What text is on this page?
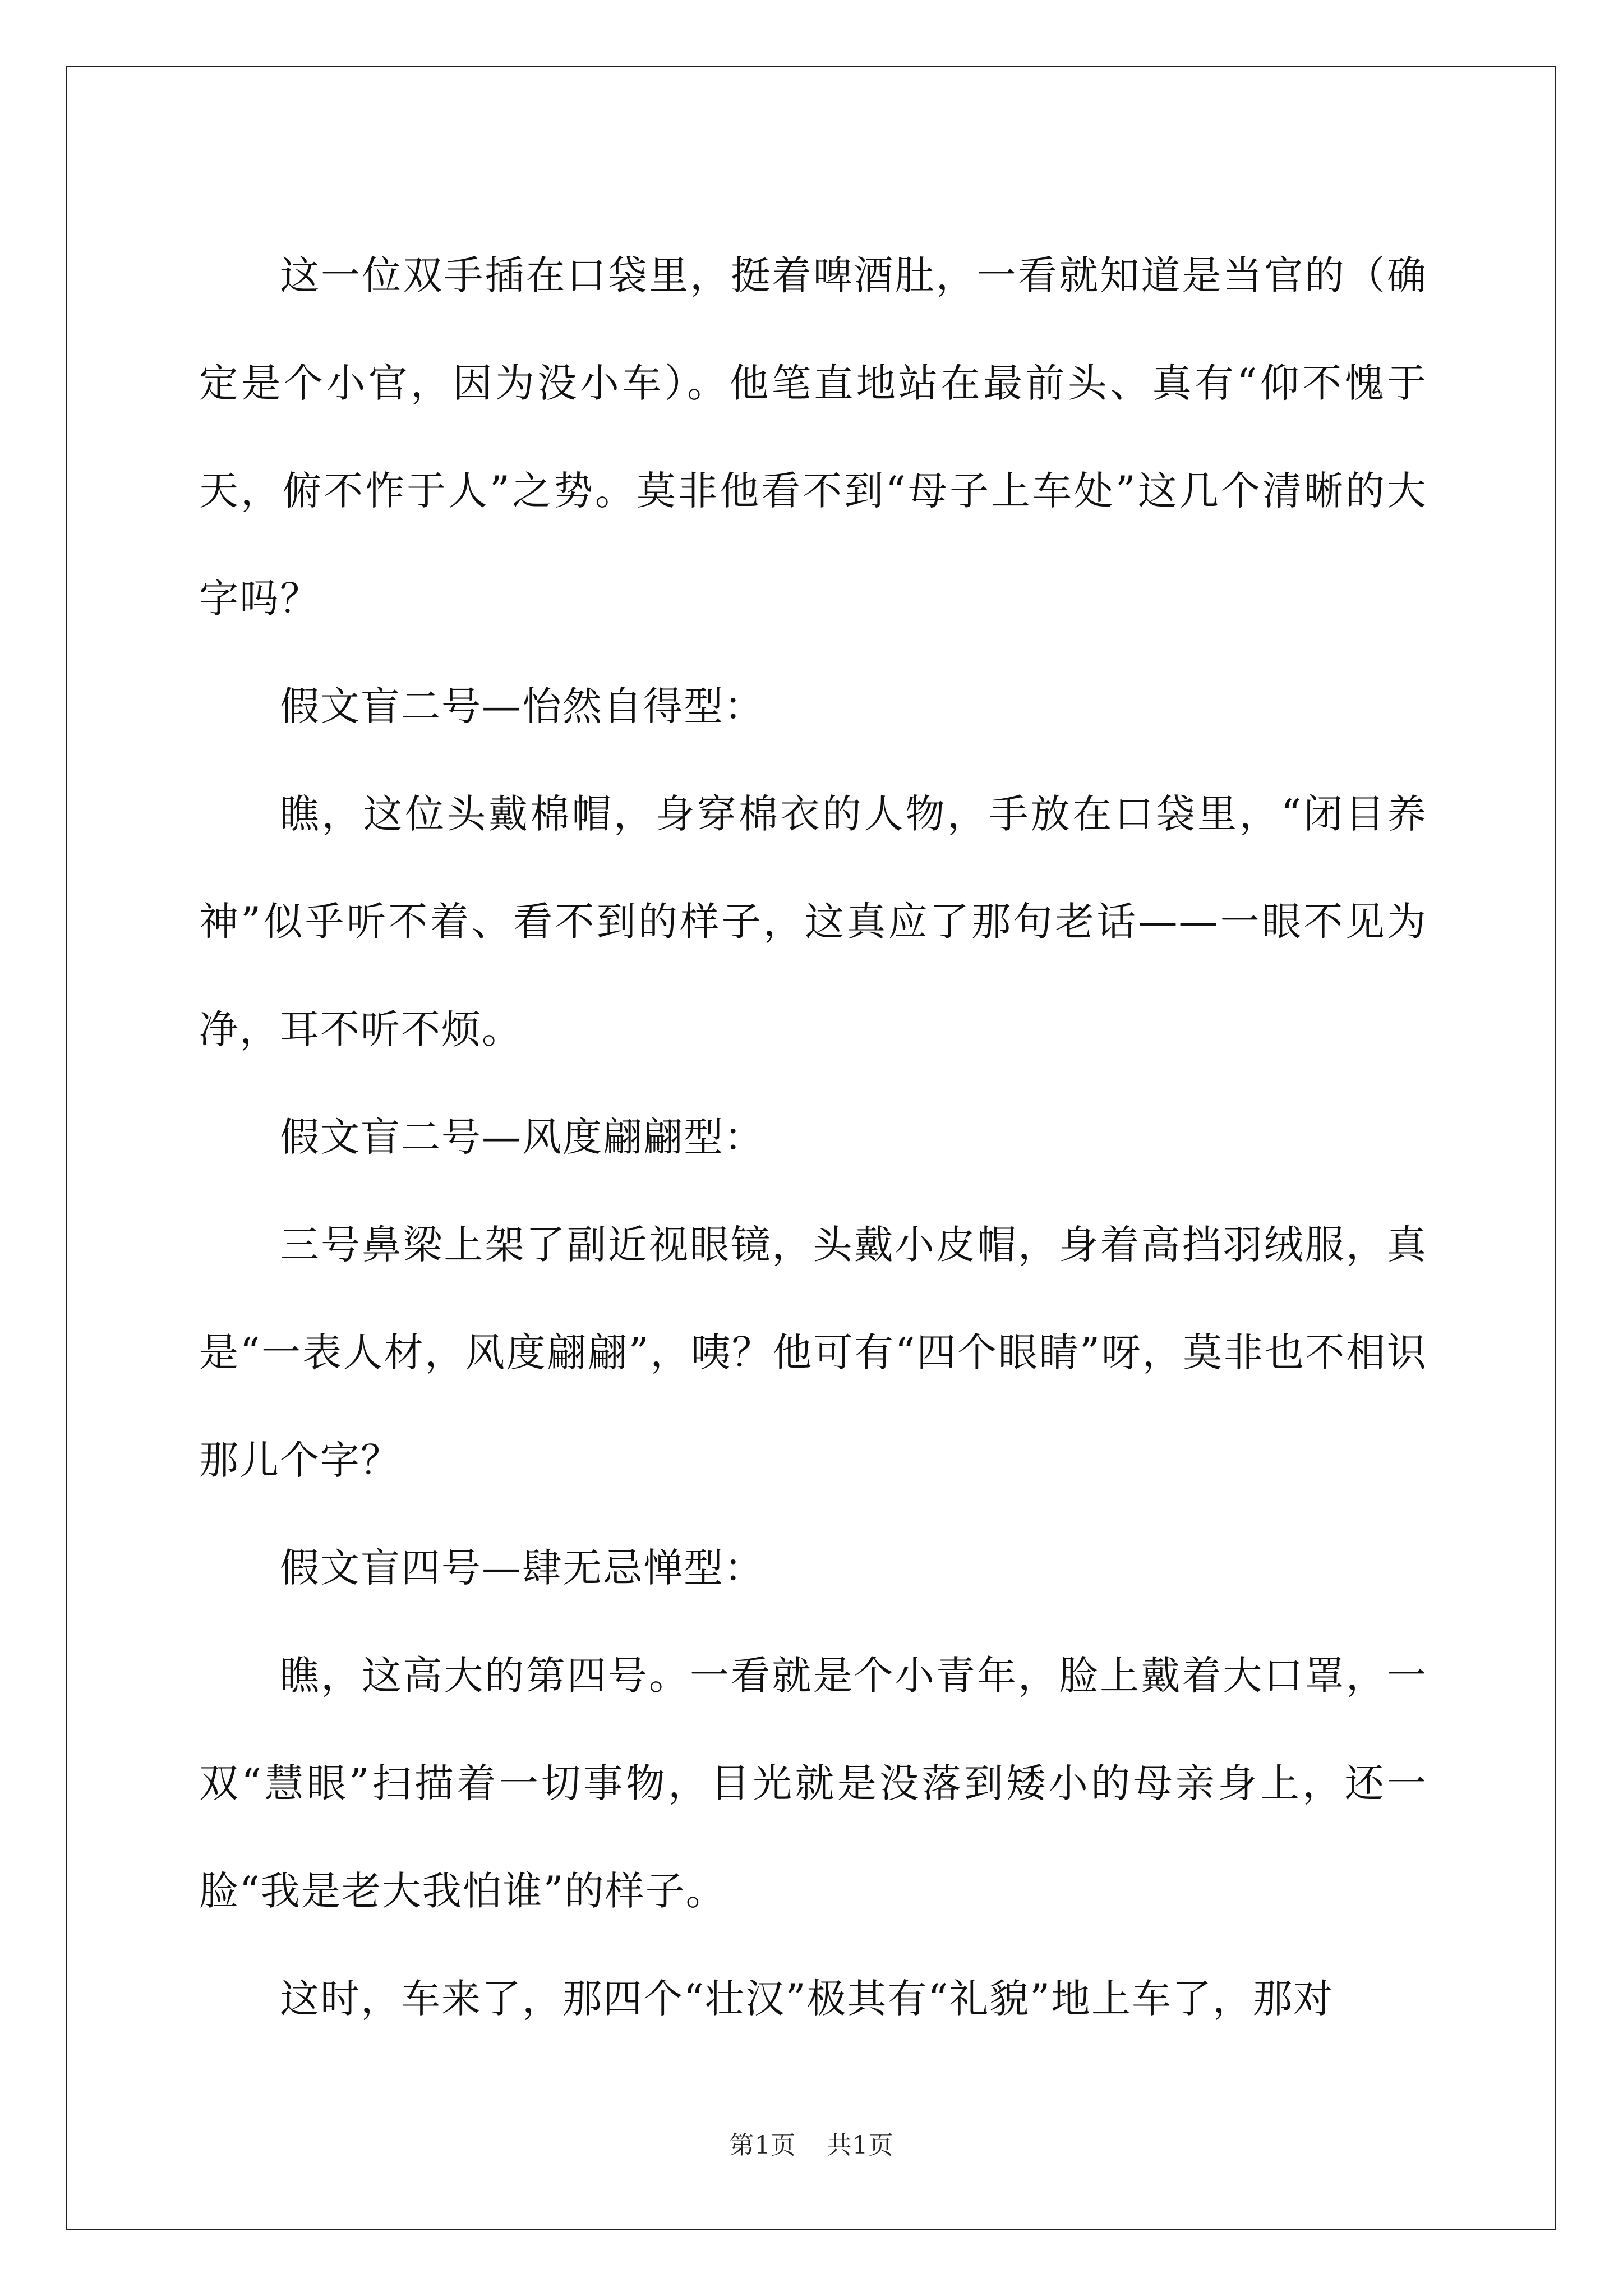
这一位双手插在口袋里，挺着啤酒肚，一看就知道是当官的（确定是个小官，因为没小车）。他笔直地站在最前头、真有“仰不愧于天，俯不怍于人”之势。莫非他看不到“母子上车处”这几个清晰的大字吗？

假文盲二号—怡然自得型：

瞧，这位头戴棉帽，身穿棉衣的人物，手放在口袋里，“闭目养神”似乎听不着、看不到的样子，这真应了那句老话——一眼不见为净，耳不听不烦。

假文盲二号—风度翩翩型：

三号鼻梁上架了副近视眼镜，头戴小皮帽，身着高挡羽绒服，真是“一表人材，风度翩翩”，咦？他可有“四个眼睛”呀，莫非也不相识那儿个字？

假文盲四号—肆无忌惮型：

瞧，这高大的第四号。一看就是个小青年，脸上戴着大口罩，一双“慧眼”扫描着一切事物，目光就是没落到矮小的母亲身上，还一脸“我是老大我怕谁”的样子。

这时，车来了，那四个“壮汉”极其有“礼貌”地上车了，那对

第1页 共1页
